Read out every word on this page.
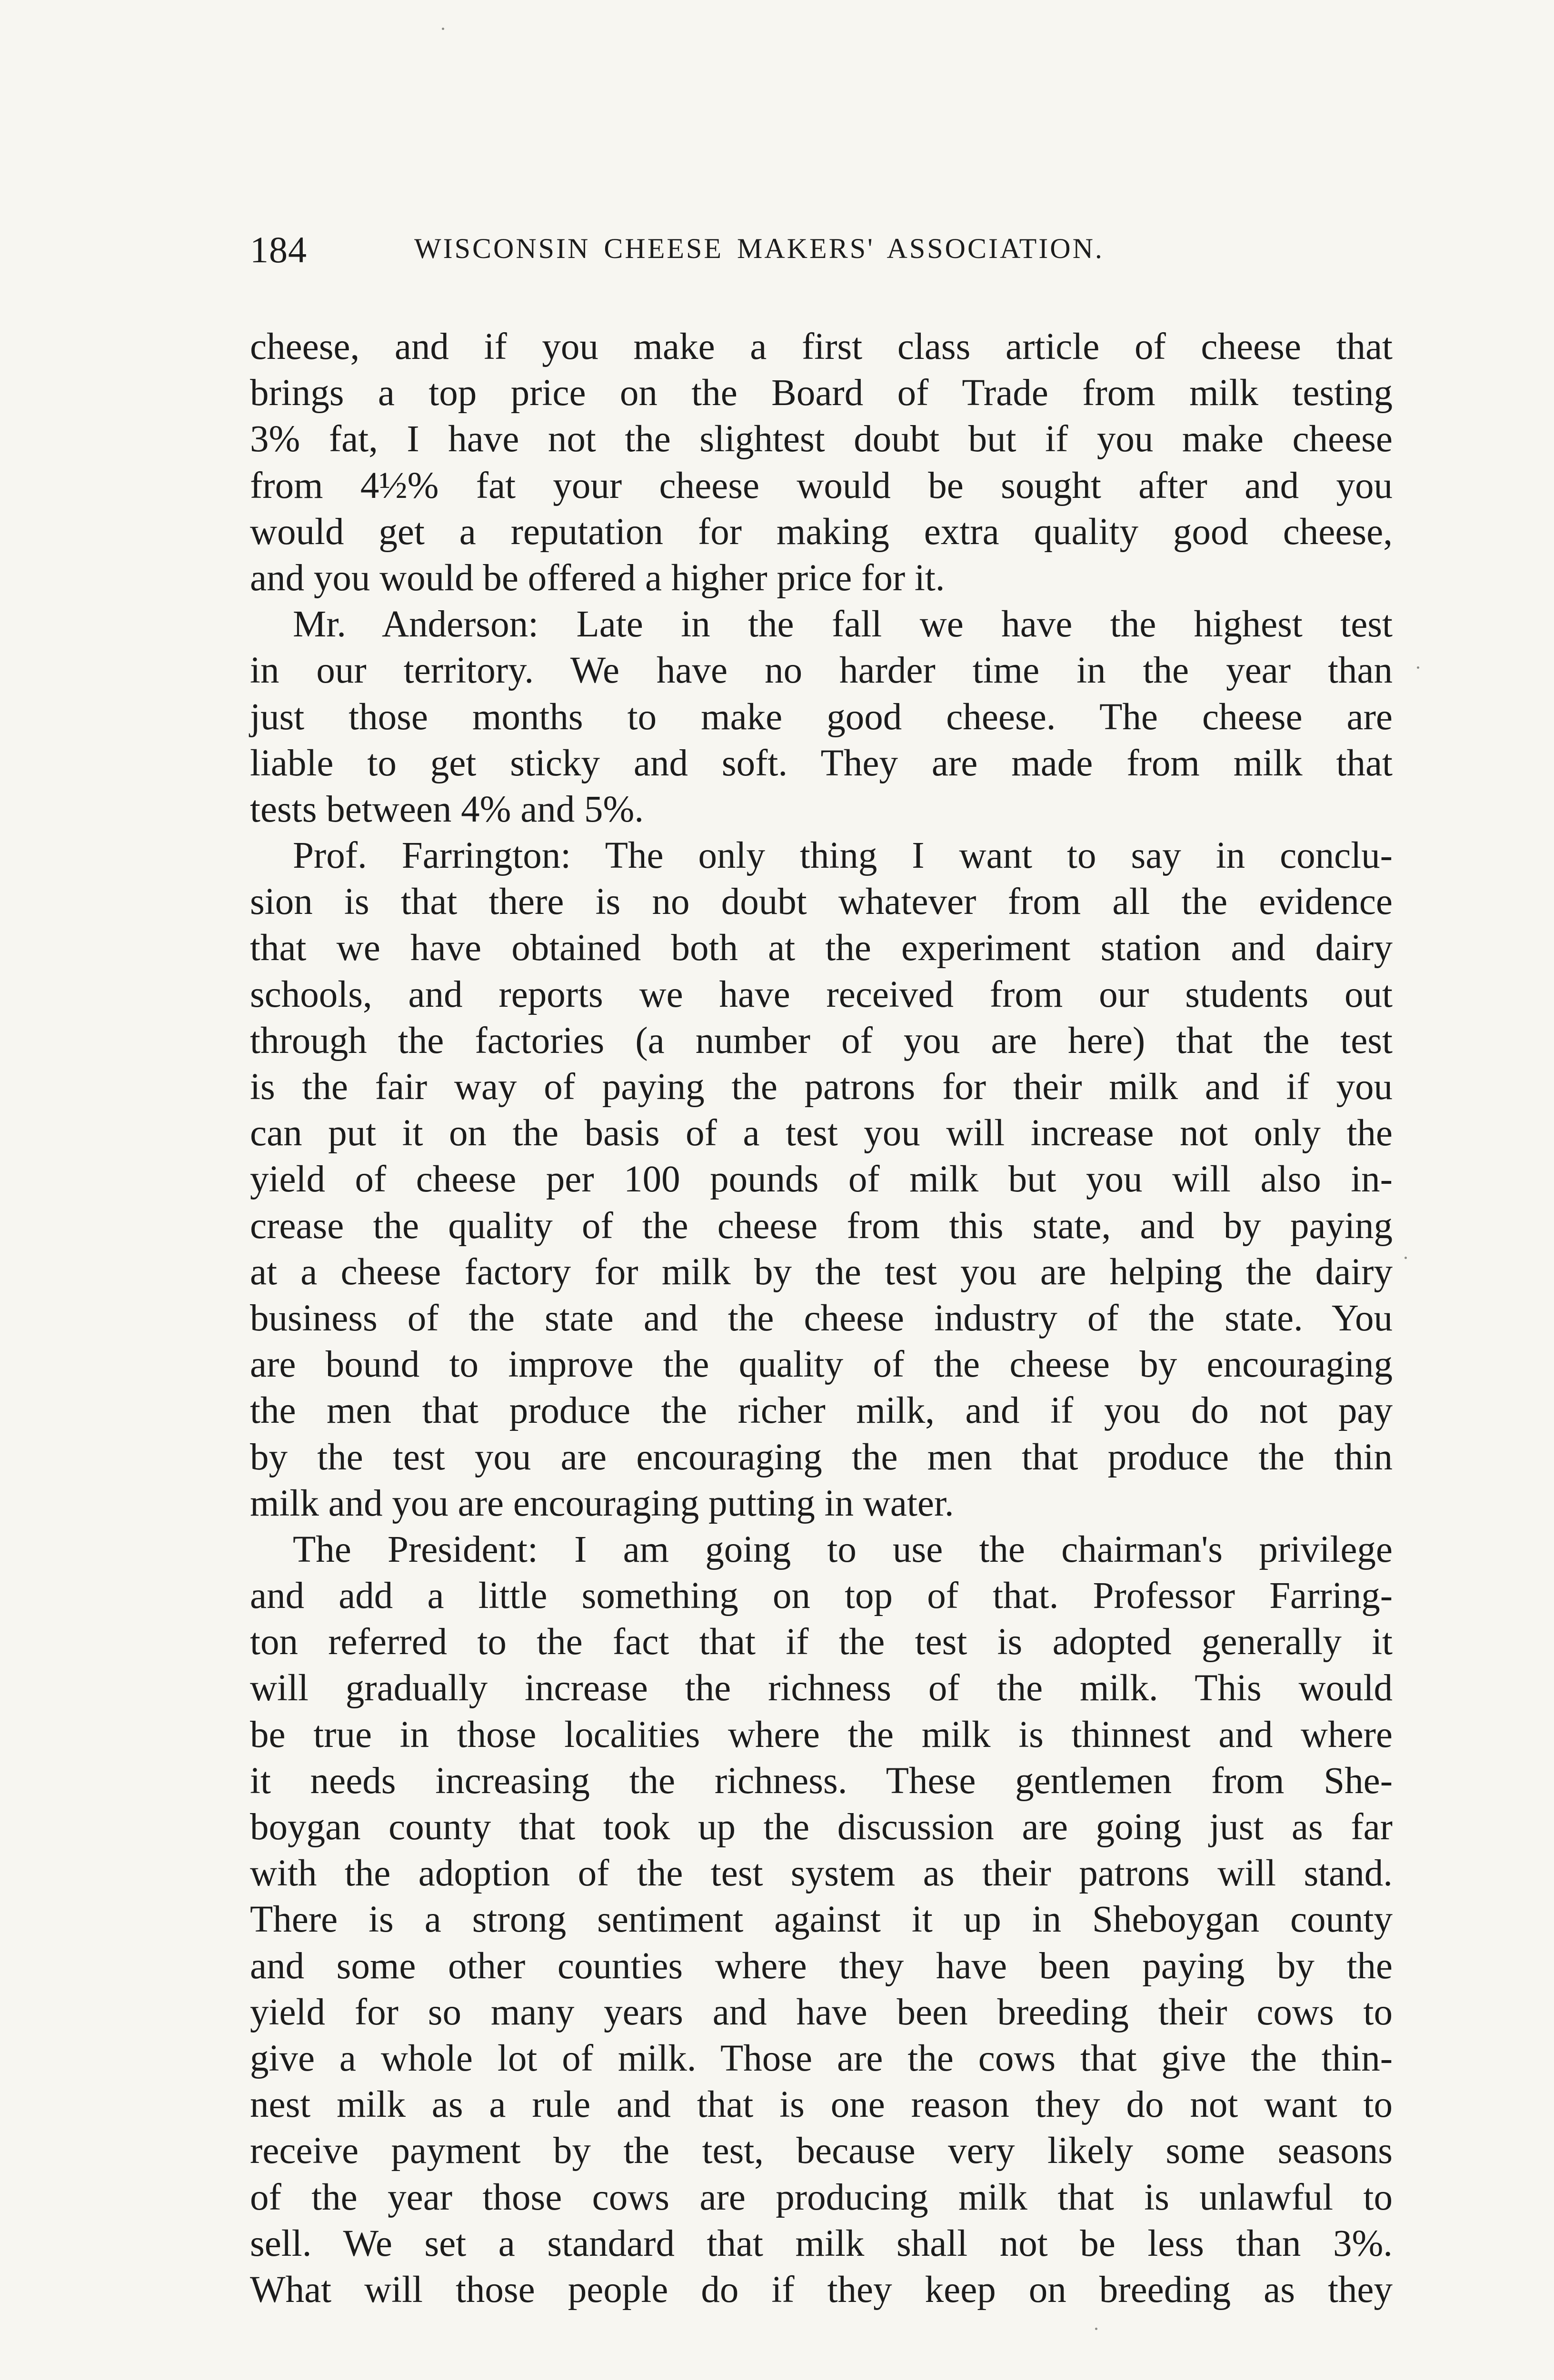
184	WISCONSIN CHEESE MAKERS' ASSOCIATION.
cheese, and if you make a first class article of cheese that
brings a top price on the Board of Trade from milk testing
3% fat, I have not the slightest doubt but if you make cheese
from 4½% fat your cheese would be sought after and you
would get a reputation for making extra quality good cheese,
and you would be offered a higher price for it.
Mr. Anderson: Late in the fall we have the highest test
in our territory. We have no harder time in the year than
just those months to make good cheese. The cheese are
liable to get sticky and soft. They are made from milk that
tests between 4% and 5%.
Prof. Farrington: The only thing I want to say in conclu-
sion is that there is no doubt whatever from all the evidence
that we have obtained both at the experiment station and dairy
schools, and reports we have received from our students out
through the factories (a number of you are here) that the test
is the fair way of paying the patrons for their milk and if you
can put it on the basis of a test you will increase not only the
yield of cheese per 100 pounds of milk but you will also in-
crease the quality of the cheese from this state, and by paying
at a cheese factory for milk by the test you are helping the dairy
business of the state and the cheese industry of the state. You
are bound to improve the quality of the cheese by encouraging
the men that produce the richer milk, and if you do not pay
by the test you are encouraging the men that produce the thin
milk and you are encouraging putting in water.
The President: I am going to use the chairman's privilege
and add a little something on top of that. Professor Farring-
ton referred to the fact that if the test is adopted generally it
will gradually increase the richness of the milk. This would
be true in those localities where the milk is thinnest and where
it needs increasing the richness. These gentlemen from She-
boygan county that took up the discussion are going just as far
with the adoption of the test system as their patrons will stand.
There is a strong sentiment against it up in Sheboygan county
and some other counties where they have been paying by the
yield for so many years and have been breeding their cows to
give a whole lot of milk. Those are the cows that give the thin-
nest milk as a rule and that is one reason they do not want to
receive payment by the test, because very likely some seasons
of the year those cows are producing milk that is unlawful to
sell. We set a standard that milk shall not be less than 3%.
What will those people do if they keep on breeding as they
